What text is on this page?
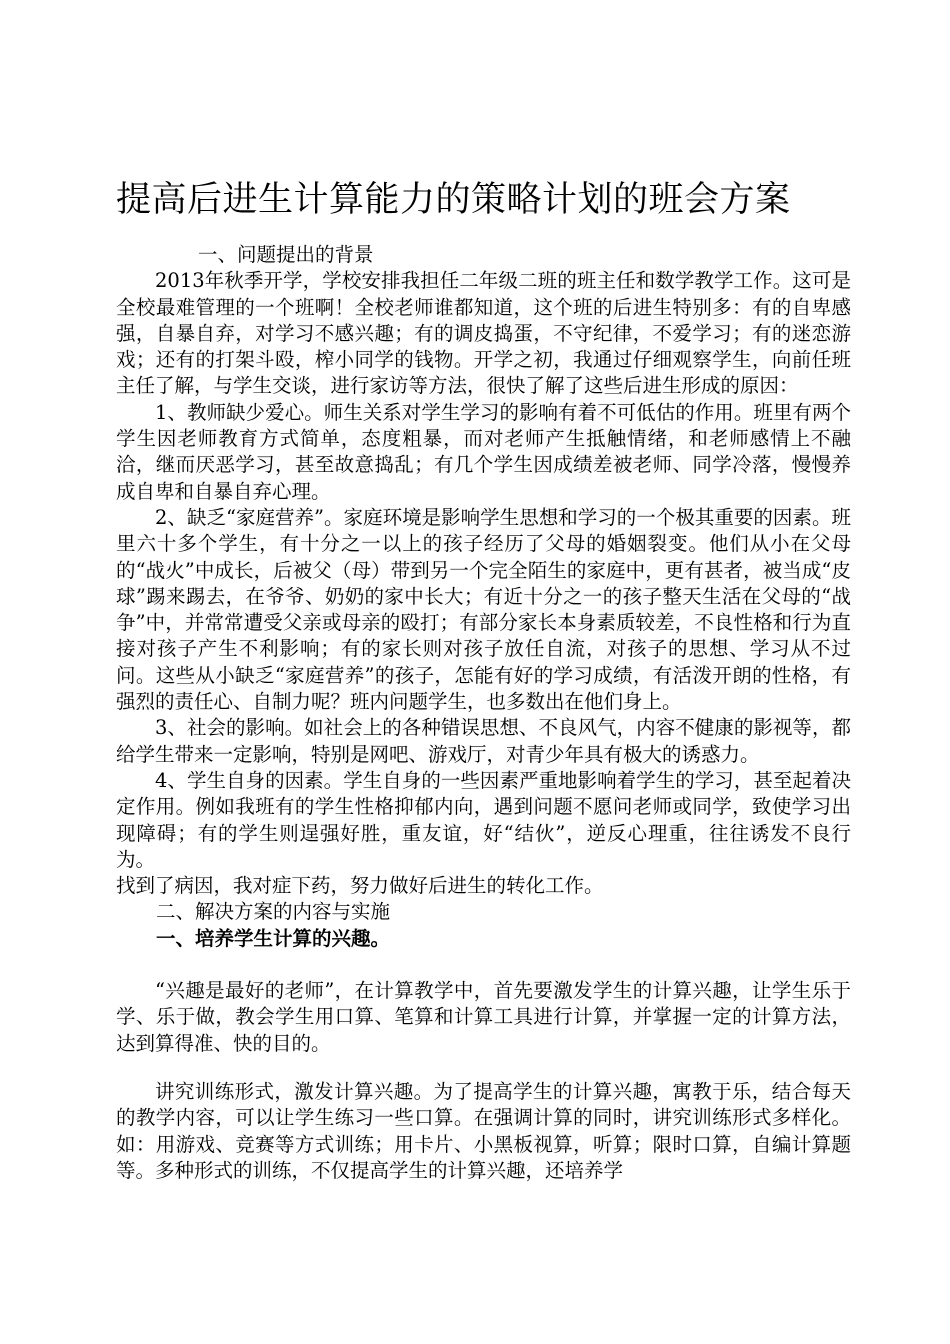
提高后进生计算能力的策略计划的班会方案

一、问题提出的背景

2013年秋季开学，学校安排我担任二年级二班的班主任和数学教学工作。这可是全校最难管理的一个班啊！全校老师谁都知道，这个班的后进生特别多：有的自卑感强，自暴自弃，对学习不感兴趣；有的调皮捣蛋，不守纪律，不爱学习；有的迷恋游戏；还有的打架斗殴，榨小同学的钱物。开学之初，我通过仔细观察学生，向前任班主任了解，与学生交谈，进行家访等方法，很快了解了这些后进生形成的原因：

1、教师缺少爱心。师生关系对学生学习的影响有着不可低估的作用。班里有两个学生因老师教育方式简单，态度粗暴，而对老师产生抵触情绪，和老师感情上不融洽，继而厌恶学习，甚至故意捣乱；有几个学生因成绩差被老师、同学冷落，慢慢养成自卑和自暴自弃心理。

2、缺乏“家庭营养”。家庭环境是影响学生思想和学习的一个极其重要的因素。班里六十多个学生，有十分之一以上的孩子经历了父母的婚姻裂变。他们从小在父母的“战火”中成长，后被父（母）带到另一个完全陌生的家庭中，更有甚者，被当成“皮球”踢来踢去，在爷爷、奶奶的家中长大；有近十分之一的孩子整天生活在父母的“战争”中，并常常遭受父亲或母亲的殴打；有部分家长本身素质较差，不良性格和行为直接对孩子产生不利影响；有的家长则对孩子放任自流，对孩子的思想、学习从不过问。这些从小缺乏“家庭营养”的孩子，怎能有好的学习成绩，有活泼开朗的性格，有强烈的责任心、自制力呢？班内问题学生，也多数出在他们身上。

3、社会的影响。如社会上的各种错误思想、不良风气，内容不健康的影视等，都给学生带来一定影响，特别是网吧、游戏厅，对青少年具有极大的诱惑力。

4、学生自身的因素。学生自身的一些因素严重地影响着学生的学习，甚至起着决定作用。例如我班有的学生性格抑郁内向，遇到问题不愿问老师或同学，致使学习出现障碍；有的学生则逞强好胜，重友谊，好“结伙”，逆反心理重，往往诱发不良行为。

找到了病因，我对症下药，努力做好后进生的转化工作。

二、解决方案的内容与实施

一、培养学生计算的兴趣。

“兴趣是最好的老师”，在计算教学中，首先要激发学生的计算兴趣，让学生乐于学、乐于做，教会学生用口算、笔算和计算工具进行计算，并掌握一定的计算方法，达到算得准、快的目的。

讲究训练形式，激发计算兴趣。为了提高学生的计算兴趣，寓教于乐，结合每天的教学内容，可以让学生练习一些口算。在强调计算的同时，讲究训练形式多样化。如：用游戏、竞赛等方式训练；用卡片、小黑板视算，听算；限时口算，自编计算题等。多种形式的训练，不仅提高学生的计算兴趣，还培养学
